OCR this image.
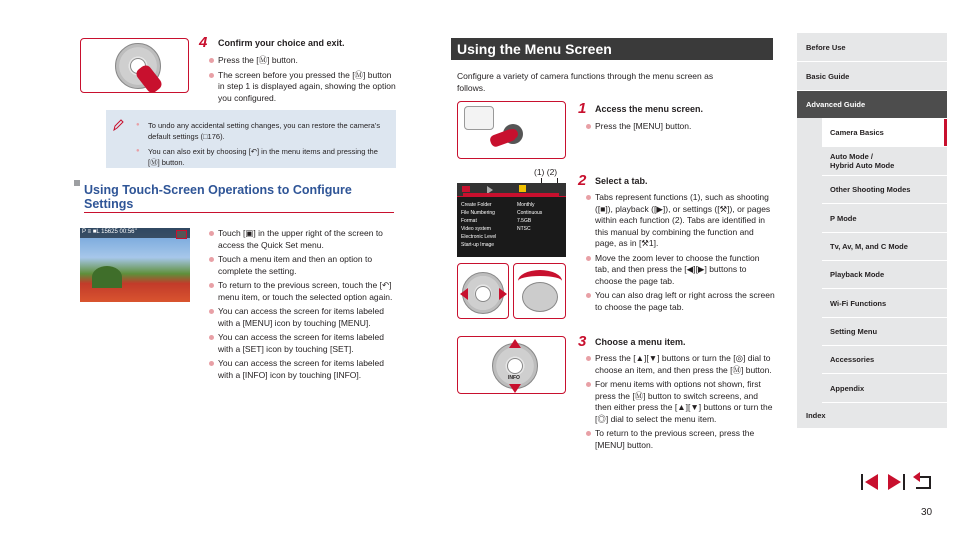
4 Confirm your choice and exit.
Press the [Ⓜ] button.
The screen before you pressed the [Ⓜ] button in step 1 is displayed again, showing the option you configured.
● To undo any accidental setting changes, you can restore the camera’s default settings (□176).
● You can also exit by choosing [↶] in the menu items and pressing the [Ⓜ] button.
Using Touch-Screen Operations to Configure
Settings
P ≡ ■L 15625 00:56’’	Touch [▣] in the upper right of the screen to access the Quick Set menu.
Touch a menu item and then an option to complete the setting.
To return to the previous screen, touch the [↶] menu item, or touch the selected option again.
You can access the screen for items labeled with a [MENU] icon by touching [MENU].
You can access the screen for items labeled with a [SET] icon by touching [SET].
You can access the screen for items labeled with a [INFO] icon by touching [INFO].
Using the Menu Screen
Configure a variety of camera functions through the menu screen as follows.
1 Access the menu screen.
Press the [MENU] button.
(1) (2)
Create Folder	Monthly
File Numbering	Continuous
Format	7.5GB
Video system	NTSC
Electronic Level
Start-up Image
2 Select a tab.
Tabs represent functions (1), such as shooting ([■]), playback ([▶]), or settings ([⚒]), or pages within each function (2). Tabs are identified in this manual by combining the function and page, as in [⚒1].
Move the zoom lever to choose the function tab, and then press the [◀][▶] buttons to choose the page tab.
You can also drag left or right across the screen to choose the page tab.
INFO
3 Choose a menu item.
Press the [▲][▼] buttons or turn the [◎] dial to choose an item, and then press the [Ⓜ] button.
For menu items with options not shown, first press the [Ⓜ] button to switch screens, and then either press the [▲][▼] buttons or turn the [◎] dial to select the menu item.
To return to the previous screen, press the [MENU] button.
Before Use
Basic Guide
Advanced Guide
Camera Basics
Auto Mode /
Hybrid Auto Mode
Other Shooting Modes
P Mode
Tv, Av, M, and C Mode
Playback Mode
Wi-Fi Functions
Setting Menu
Accessories
Appendix
Index
30
